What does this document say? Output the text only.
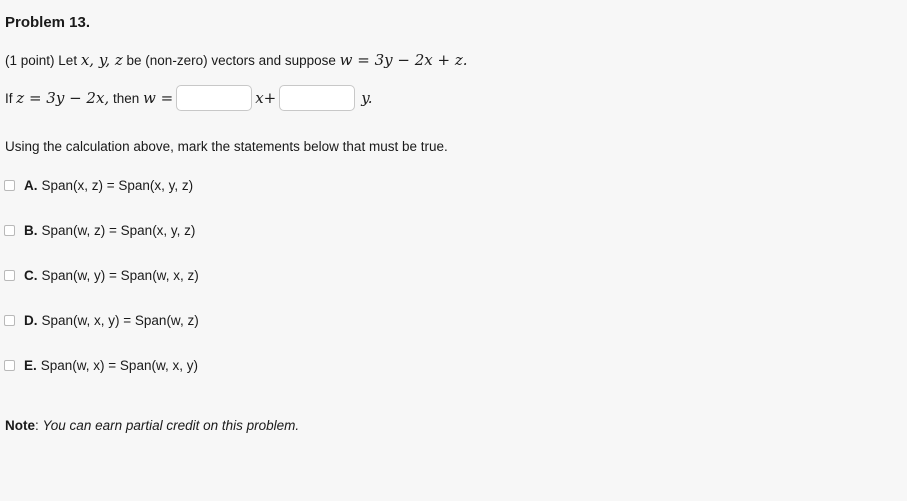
Problem 13.
(1 point) Let x, y, z be (non-zero) vectors and suppose w = 3y − 2x + z.
If
z = 3y − 2x,
then
w =	x+	y.

Using the calculation above, mark the statements below that must be true.

A. Span(x, z) = Span(x, y, z)
B. Span(w, z) = Span(x, y, z)
C. Span(w, y) = Span(w, x, z)
D. Span(w, x, y) = Span(w, z)
E. Span(w, x) = Span(w, x, y)
Note: You can earn partial credit on this problem.
